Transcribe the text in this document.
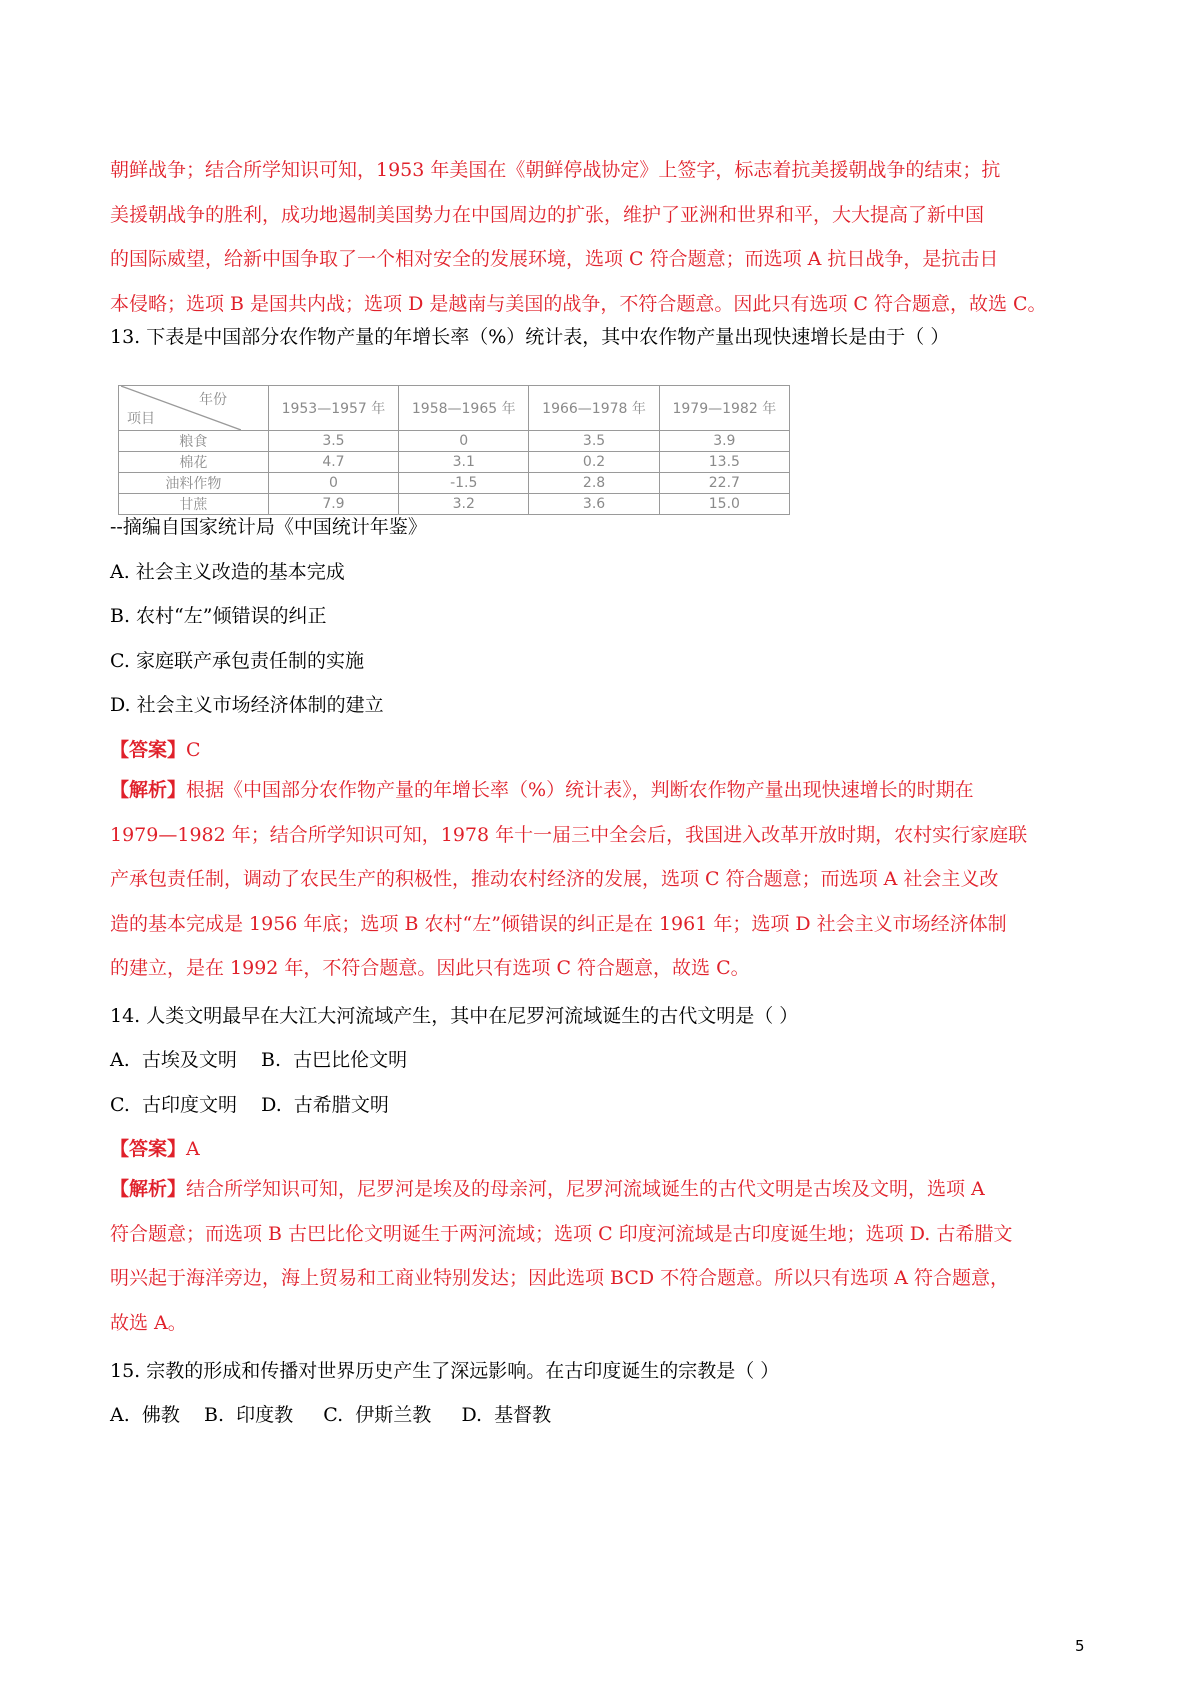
朝鲜战争；结合所学知识可知，1953 年美国在《朝鲜停战协定》上签字，标志着抗美援朝战争的结束；抗
美援朝战争的胜利，成功地遏制美国势力在中国周边的扩张，维护了亚洲和世界和平，大大提高了新中国
的国际威望，给新中国争取了一个相对安全的发展环境，选项 C 符合题意；而选项 A 抗日战争，是抗击日
本侵略；选项 B 是国共内战；选项 D 是越南与美国的战争，不符合题意。因此只有选项 C 符合题意，故选 C。
13. 下表是中国部分农作物产量的年增长率（%）统计表，其中农作物产量出现快速增长是由于（ ）
年份
项目	1953—1957 年	1958—1965 年	1966—1978 年	1979—1982 年
粮食	3.5	0	3.5	3.9
棉花	4.7	3.1	0.2	13.5
油料作物	0	-1.5	2.8	22.7
甘蔗	7.9	3.2	3.6	15.0
--摘编自国家统计局《中国统计年鉴》
A. 社会主义改造的基本完成
B. 农村“左”倾错误的纠正
C. 家庭联产承包责任制的实施
D. 社会主义市场经济体制的建立
【答案】C
【解析】根据《中国部分农作物产量的年增长率（%）统计表》，判断农作物产量出现快速增长的时期在
1979—1982 年；结合所学知识可知，1978 年十一届三中全会后，我国进入改革开放时期，农村实行家庭联
产承包责任制，调动了农民生产的积极性，推动农村经济的发展，选项 C 符合题意；而选项 A 社会主义改
造的基本完成是 1956 年底；选项 B 农村“左”倾错误的纠正是在 1961 年；选项 D 社会主义市场经济体制
的建立，是在 1992 年，不符合题意。因此只有选项 C 符合题意，故选 C。
14. 人类文明最早在大江大河流域产生，其中在尼罗河流域诞生的古代文明是（ ）
A.  古埃及文明    B.  古巴比伦文明
C.  古印度文明    D.  古希腊文明
【答案】A
【解析】结合所学知识可知，尼罗河是埃及的母亲河，尼罗河流域诞生的古代文明是古埃及文明，选项 A
符合题意；而选项 B 古巴比伦文明诞生于两河流域；选项 C 印度河流域是古印度诞生地；选项 D. 古希腊文
明兴起于海洋旁边，海上贸易和工商业特别发达；因此选项 BCD 不符合题意。所以只有选项 A 符合题意，
故选 A。
15. 宗教的形成和传播对世界历史产生了深远影响。在古印度诞生的宗教是（ ）
A.  佛教    B.  印度教     C.  伊斯兰教     D.  基督教
5
